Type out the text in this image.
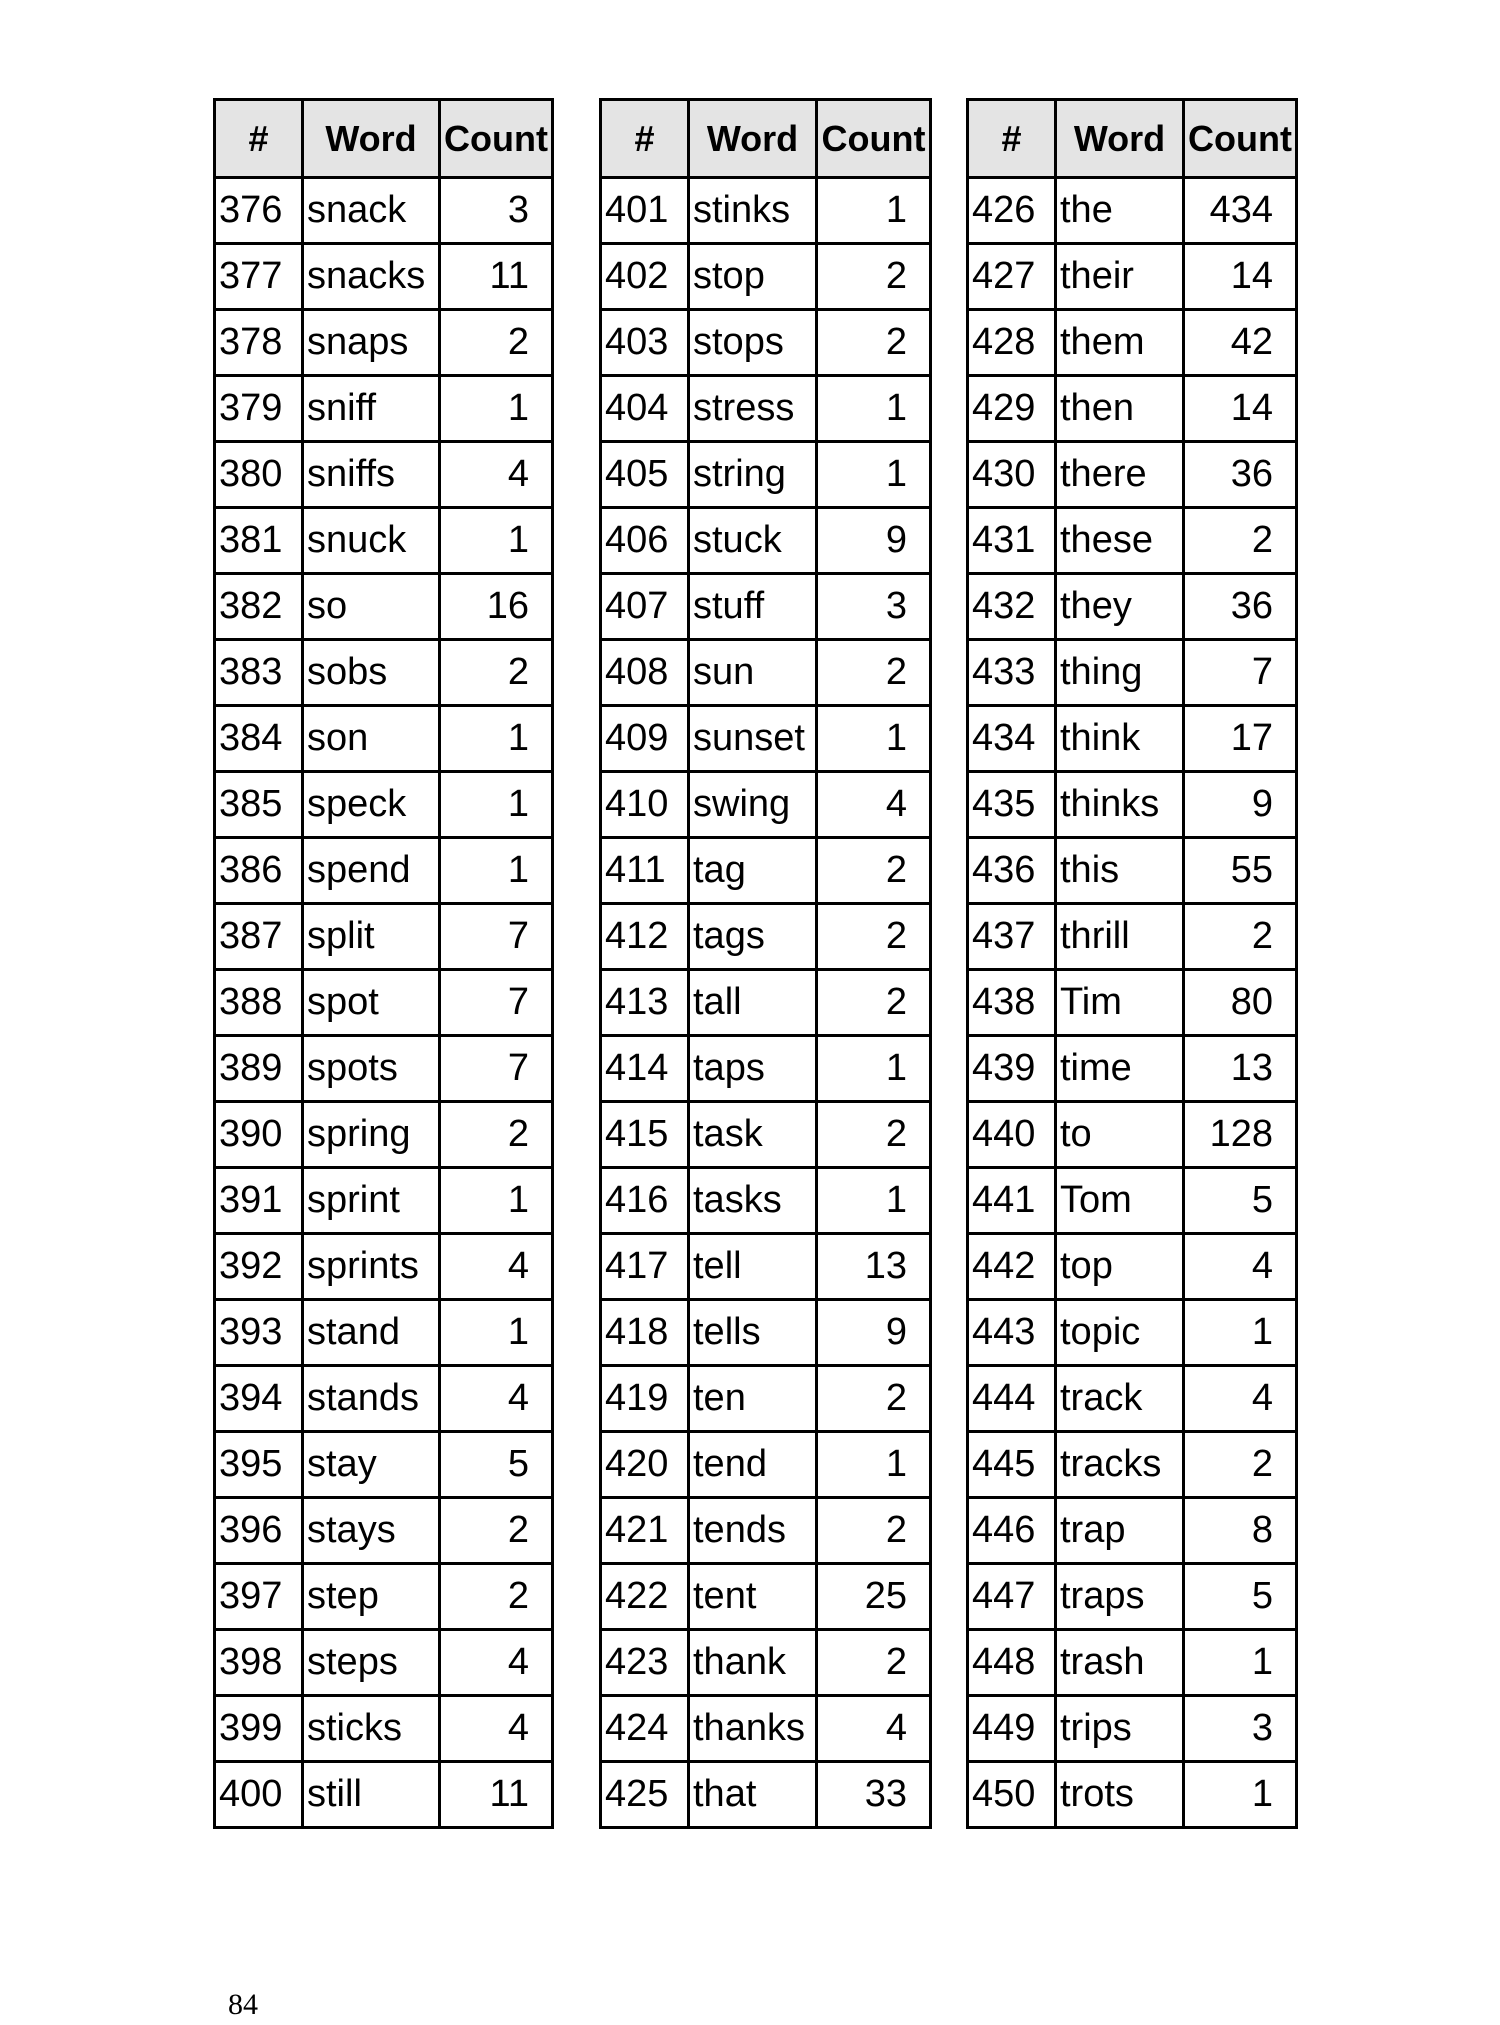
#	Word	Count
376	snack	3
377	snacks	11
378	snaps	2
379	sniff	1
380	sniffs	4
381	snuck	1
382	so	16
383	sobs	2
384	son	1
385	speck	1
386	spend	1
387	split	7
388	spot	7
389	spots	7
390	spring	2
391	sprint	1
392	sprints	4
393	stand	1
394	stands	4
395	stay	5
396	stays	2
397	step	2
398	steps	4
399	sticks	4
400	still	11
#	Word	Count
401	stinks	1
402	stop	2
403	stops	2
404	stress	1
405	string	1
406	stuck	9
407	stuff	3
408	sun	2
409	sunset	1
410	swing	4
411	tag	2
412	tags	2
413	tall	2
414	taps	1
415	task	2
416	tasks	1
417	tell	13
418	tells	9
419	ten	2
420	tend	1
421	tends	2
422	tent	25
423	thank	2
424	thanks	4
425	that	33
#	Word	Count
426	the	434
427	their	14
428	them	42
429	then	14
430	there	36
431	these	2
432	they	36
433	thing	7
434	think	17
435	thinks	9
436	this	55
437	thrill	2
438	Tim	80
439	time	13
440	to	128
441	Tom	5
442	top	4
443	topic	1
444	track	4
445	tracks	2
446	trap	8
447	traps	5
448	trash	1
449	trips	3
450	trots	1
84
